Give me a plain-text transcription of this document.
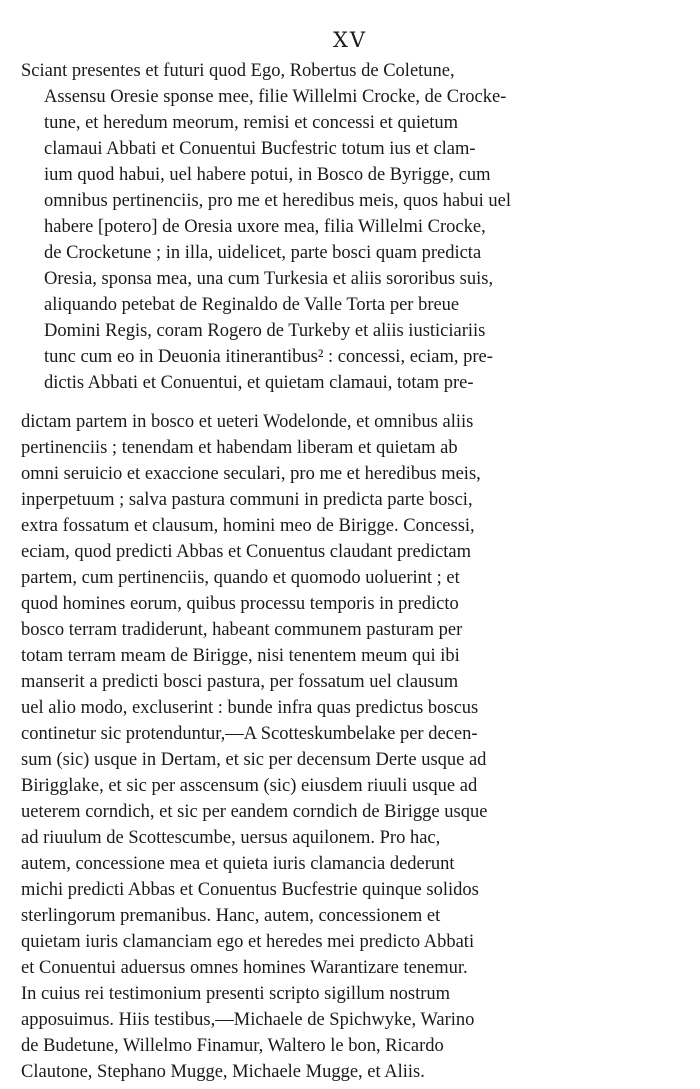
XV
Sciant presentes et futuri quod Ego, Robertus de Coletune,
Assensu Oresie sponse mee, filie Willelmi Crocke, de Crocke-
tune, et heredum meorum, remisi et concessi et quietum
clamaui Abbati et Conuentui Bucfestric totum ius et clam-
ium quod habui, uel habere potui, in Bosco de Byrigge, cum
omnibus pertinenciis, pro me et heredibus meis, quos habui uel
habere [potero] de Oresia uxore mea, filia Willelmi Crocke,
de Crocketune ; in illa, uidelicet, parte bosci quam predicta
Oresia, sponsa mea, una cum Turkesia et aliis sororibus suis,
aliquando petebat de Reginaldo de Valle Torta per breue
Domini Regis, coram Rogero de Turkeby et aliis iusticiariis
tunc cum eo in Deuonia itinerantibus² : concessi, eciam, pre-
dictis Abbati et Conuentui, et quietam clamaui, totam pre-
dictam partem in bosco et ueteri Wodelonde, et omnibus aliis
pertinenciis ; tenendam et habendam liberam et quietam ab
omni seruicio et exaccione seculari, pro me et heredibus meis,
inperpetuum ; salva pastura communi in predicta parte bosci,
extra fossatum et clausum, homini meo de Birigge. Concessi,
eciam, quod predicti Abbas et Conuentus claudant predictam
partem, cum pertinenciis, quando et quomodo uoluerint ; et
quod homines eorum, quibus processu temporis in predicto
bosco terram tradiderunt, habeant communem pasturam per
totam terram meam de Birigge, nisi tenentem meum qui ibi
manserit a predicti bosci pastura, per fossatum uel clausum
uel alio modo, excluserint : bunde infra quas predictus boscus
continetur sic protenduntur,—A Scotteskumbelake per decen-
sum (sic) usque in Dertam, et sic per decensum Derte usque ad
Birigglake, et sic per asscensum (sic) eiusdem riuuli usque ad
ueterem corndich, et sic per eandem corndich de Birigge usque
ad riuulum de Scottescumbe, uersus aquilonem. Pro hac,
autem, concessione mea et quieta iuris clamancia dederunt
michi predicti Abbas et Conuentus Bucfestrie quinque solidos
sterlingorum premanibus. Hanc, autem, concessionem et
quietam iuris clamanciam ego et heredes mei predicto Abbati
et Conuentui aduersus omnes homines Warantizare tenemur.
In cuius rei testimonium presenti scripto sigillum nostrum
apposuimus. Hiis testibus,—Michaele de Spichwyke, Warino
de Budetune, Willelmo Finamur, Waltero le bon, Ricardo
Clautone, Stephano Mugge, Michaele Mugge, et Aliis.
